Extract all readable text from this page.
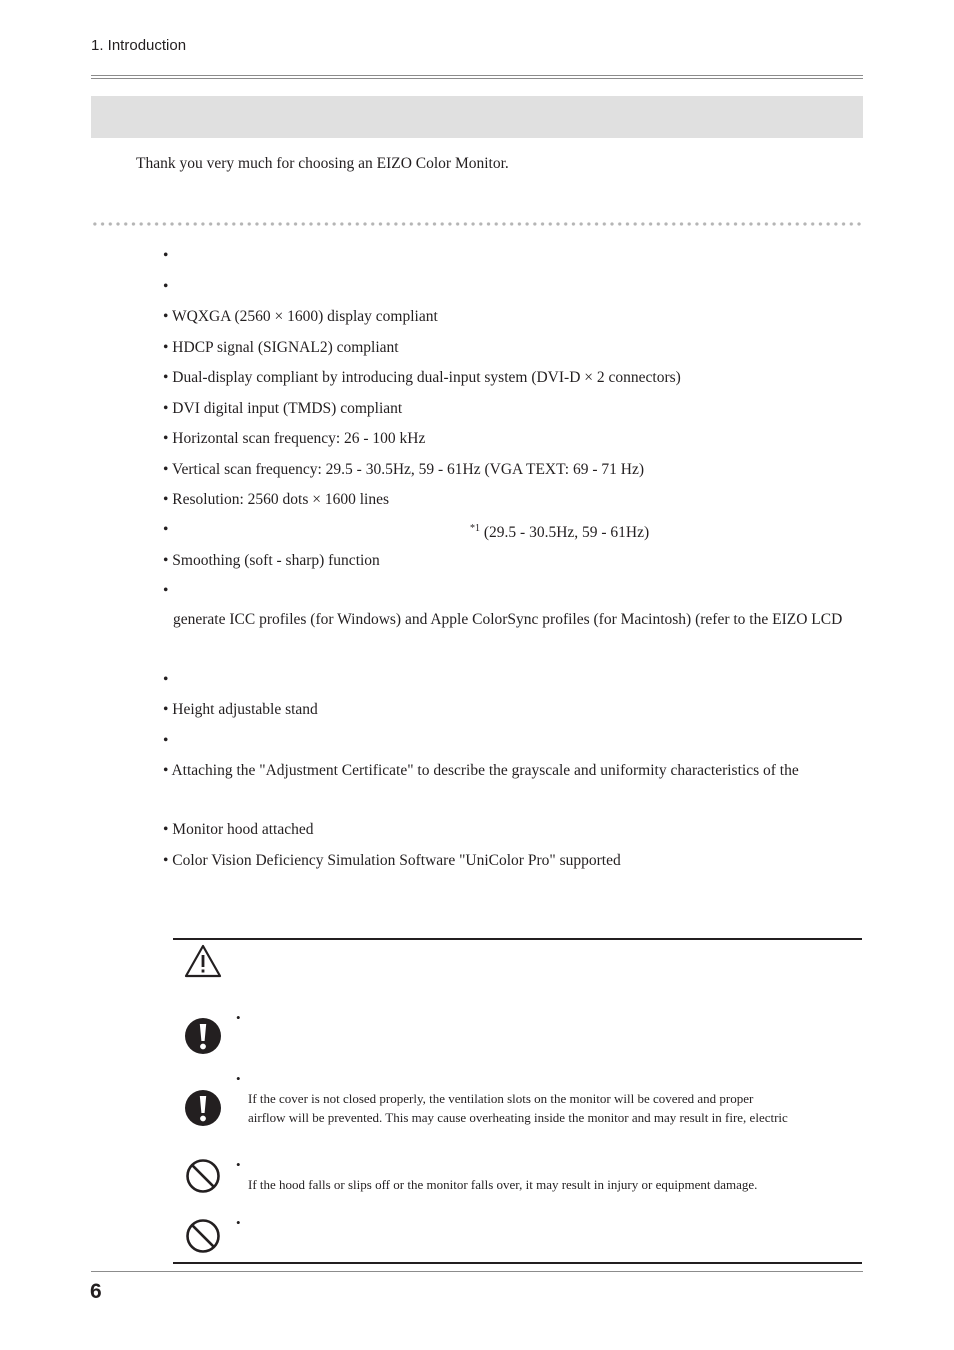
1. Introduction
Thank you very much for choosing an EIZO Color Monitor.
•
•
• WQXGA (2560 × 1600) display compliant
• HDCP signal (SIGNAL2) compliant
• Dual-display compliant by introducing dual-input system (DVI-D × 2 connectors)
• DVI digital input (TMDS) compliant
• Horizontal scan frequency: 26 - 100 kHz
• Vertical scan frequency: 29.5 - 30.5Hz, 59 - 61Hz (VGA TEXT: 69 - 71 Hz)
• Resolution: 2560 dots × 1600 lines
•	$^{*1}$ (29.5 - 30.5Hz, 59 - 61Hz)
• Smoothing (soft - sharp) function
•
generate ICC profiles (for Windows) and Apple ColorSync profiles (for Macintosh) (refer to the EIZO LCD
•
• Height adjustable stand
•
• Attaching the "Adjustment Certificate" to describe the grayscale and uniformity characteristics of the
• Monitor hood attached
• Color Vision Deficiency Simulation Software "UniColor Pro" supported
•
•
If the cover is not closed properly, the ventilation slots on the monitor will be covered and proper
airflow will be prevented. This may cause overheating inside the monitor and may result in fire, electric
•
If the hood falls or slips off or the monitor falls over, it may result in injury or equipment damage.
•
6
